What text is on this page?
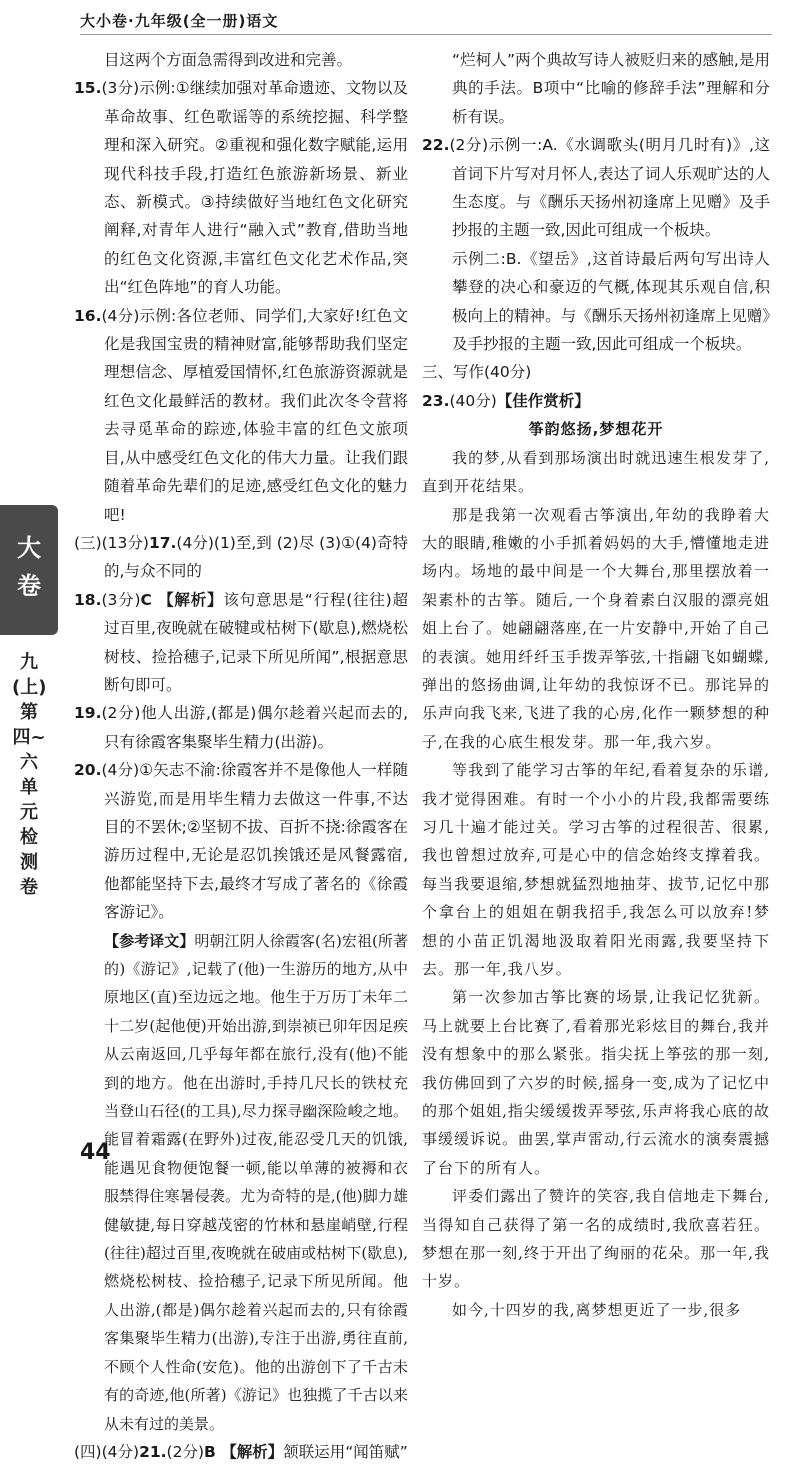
大小卷·九年级(全一册)语文

目这两个方面急需得到改进和完善。

15.(3分)示例:①继续加强对革命遗迹、文物以及革命故事、红色歌谣等的系统挖掘、科学整理和深入研究。②重视和强化数字赋能,运用现代科技手段,打造红色旅游新场景、新业态、新模式。③持续做好当地红色文化研究阐释,对青年人进行“融入式”教育,借助当地的红色文化资源,丰富红色文化艺术作品,突出“红色阵地”的育人功能。

16.(4分)示例:各位老师、同学们,大家好!红色文化是我国宝贵的精神财富,能够帮助我们坚定理想信念、厚植爱国情怀,红色旅游资源就是红色文化最鲜活的教材。我们此次冬令营将去寻觅革命的踪迹,体验丰富的红色文旅项目,从中感受红色文化的伟大力量。让我们跟随着革命先辈们的足迹,感受红色文化的魅力吧!

(三)(13分)17.(4分)(1)至,到 (2)尽 (3)①(4)奇特的,与众不同的

18.(3分)C 【解析】该句意思是“行程(往往)超过百里,夜晚就在破犍或枯树下(歇息),燃烧松树枝、捡拾穗子,记录下所见所闻”,根据意思断句即可。

19.(2分)他人出游,(都是)偶尔趁着兴起而去的,只有徐霞客集聚毕生精力(出游)。

20.(4分)①矢志不渝:徐霞客并不是像他人一样随兴游览,而是用毕生精力去做这一件事,不达目的不罢休;②坚韧不拔、百折不挠:徐霞客在游历过程中,无论是忍饥挨饿还是风餐露宿,他都能坚持下去,最终才写成了著名的《徐霞客游记》。

【参考译文】明朝江阴人徐霞客(名)宏祖(所著的)《游记》,记载了(他)一生游历的地方,从中原地区(直)至边远之地。他生于万历丁未年二十二岁(起他便)开始出游,到崇祯已卯年因足疾从云南返回,几乎每年都在旅行,没有(他)不能到的地方。他在出游时,手持几尺长的铁杖充当登山石径(的工具),尽力探寻幽深险峻之地。能冒着霜露(在野外)过夜,能忍受几天的饥饿,能遇见食物便饱餐一顿,能以单薄的被褥和衣服禁得住寒暑侵袭。尤为奇特的是,(他)脚力雄健敏捷,每日穿越茂密的竹林和悬崖峭壁,行程(往往)超过百里,夜晚就在破庙或枯树下(歇息),燃烧松树枝、捡拾穗子,记录下所见所闻。他人出游,(都是)偶尔趁着兴起而去的,只有徐霞客集聚毕生精力(出游),专注于出游,勇往直前,不顾个人性命(安危)。他的出游创下了千古未有的奇迹,他(所著)《游记》也独揽了千古以来从未有过的美景。

(四)(4分)21.(2分)B 【解析】颔联运用“闻笛赋”

“烂柯人”两个典故写诗人被贬归来的感触,是用典的手法。B项中“比喻的修辞手法”理解和分析有误。

22.(2分)示例一:A.《水调歌头(明月几时有)》,这首词下片写对月怀人,表达了词人乐观旷达的人生态度。与《酬乐天扬州初逢席上见赠》及手抄报的主题一致,因此可组成一个板块。

示例二:B.《望岳》,这首诗最后两句写出诗人攀登的决心和豪迈的气概,体现其乐观自信,积极向上的精神。与《酬乐天扬州初逢席上见赠》及手抄报的主题一致,因此可组成一个板块。

三、写作(40分)

23.(40分)【佳作赏析】

筝韵悠扬,梦想花开

我的梦,从看到那场演出时就迅速生根发芽了,直到开花结果。

那是我第一次观看古筝演出,年幼的我睁着大大的眼睛,稚嫩的小手抓着妈妈的大手,懵懂地走进场内。场地的最中间是一个大舞台,那里摆放着一架素朴的古筝。随后,一个身着素白汉服的漂亮姐姐上台了。她翩翩落座,在一片安静中,开始了自己的表演。她用纤纤玉手拨弄筝弦,十指翩飞如蝴蝶,弹出的悠扬曲调,让年幼的我惊讶不已。那诧异的乐声向我飞来,飞进了我的心房,化作一颗梦想的种子,在我的心底生根发芽。那一年,我六岁。

等我到了能学习古筝的年纪,看着复杂的乐谱,我才觉得困难。有时一个小小的片段,我都需要练习几十遍才能过关。学习古筝的过程很苦、很累,我也曾想过放弃,可是心中的信念始终支撑着我。每当我要退缩,梦想就猛烈地抽芽、拔节,记忆中那个拿台上的姐姐在朝我招手,我怎么可以放弃!梦想的小苗正饥渴地汲取着阳光雨露,我要坚持下去。那一年,我八岁。

第一次参加古筝比赛的场景,让我记忆犹新。马上就要上台比赛了,看着那光彩炫目的舞台,我并没有想象中的那么紧张。指尖抚上筝弦的那一刻,我仿佛回到了六岁的时候,摇身一变,成为了记忆中的那个姐姐,指尖缓缓拨弄琴弦,乐声将我心底的故事缓缓诉说。曲罢,掌声雷动,行云流水的演奏震撼了台下的所有人。

评委们露出了赞许的笑容,我自信地走下舞台,当得知自己获得了第一名的成绩时,我欣喜若狂。梦想在那一刻,终于开出了绚丽的花朵。那一年,我十岁。

如今,十四岁的我,离梦想更近了一步,很多

大
卷
九(上) 第四~六单元检测卷
44
